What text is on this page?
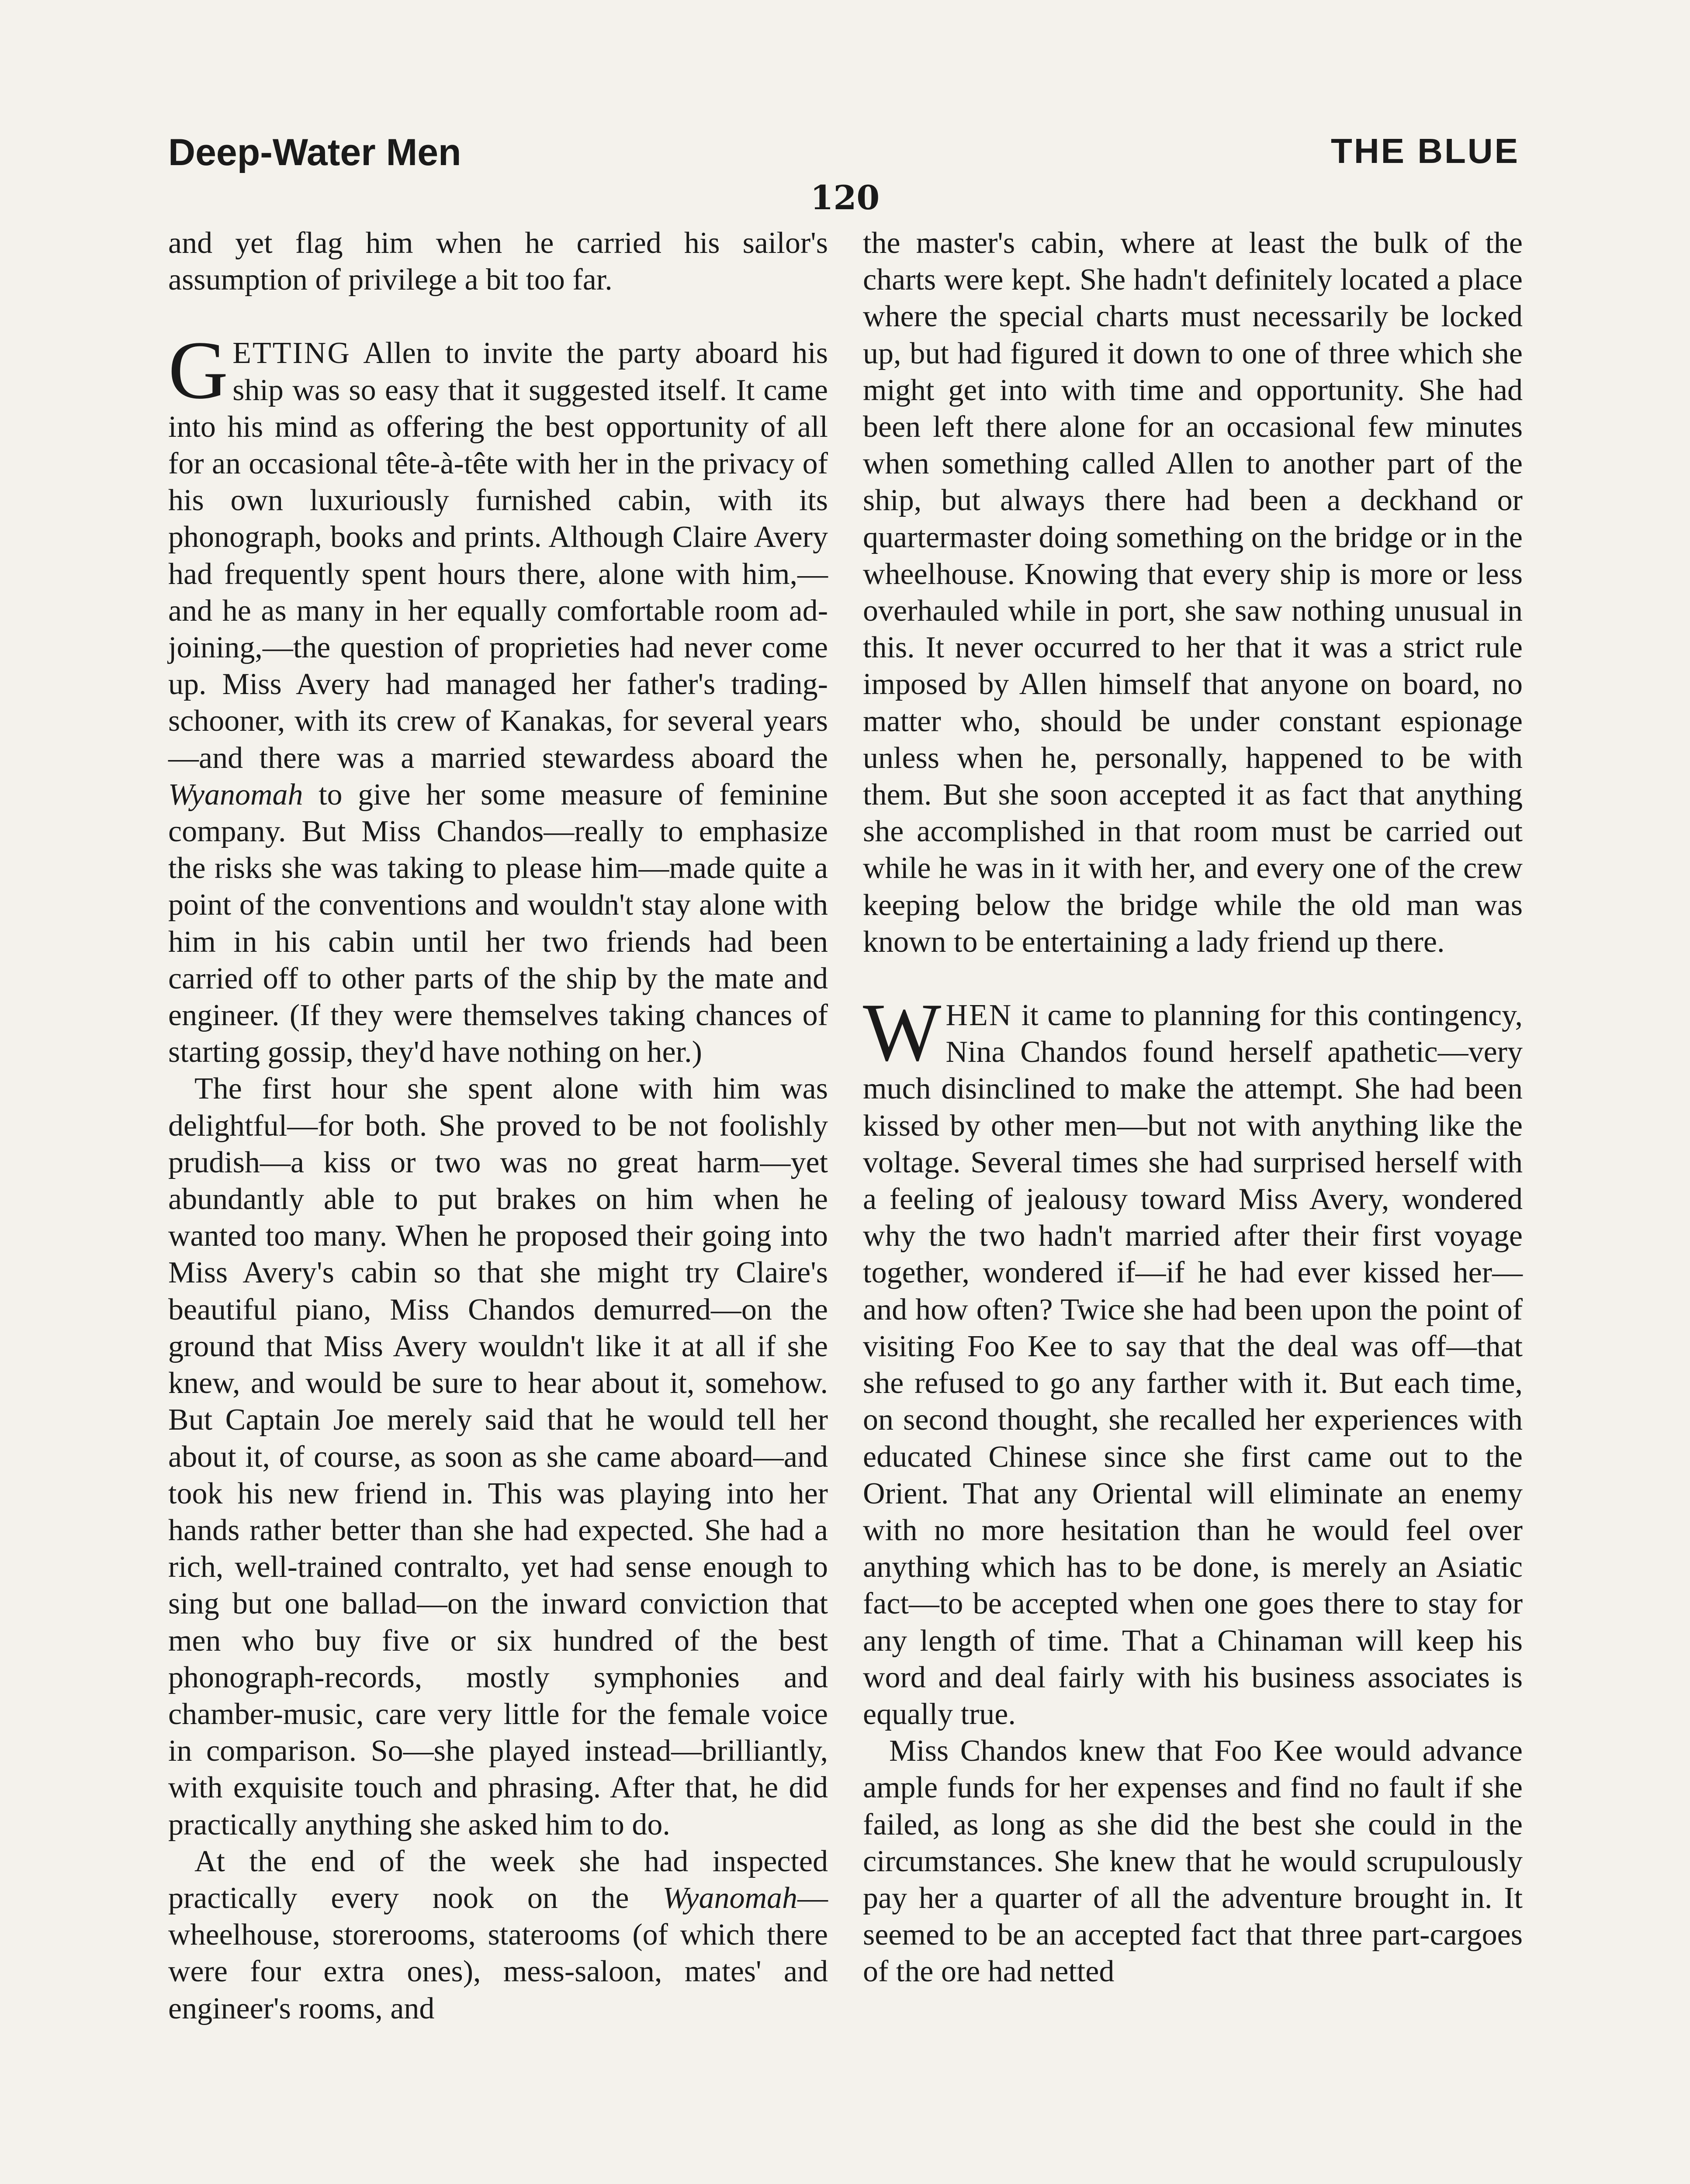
Deep-Water Men	THE BLUE
120

and yet flag him when he carried his sailor's assumption of privilege a bit too far.

GETTING Allen to invite the party aboard his ship was so easy that it suggested itself. It came into his mind as offering the best opportunity of all for an occasional tête-à-tête with her in the privacy of his own luxuriously furnished cabin, with its phonograph, books and prints. Although Claire Avery had frequently spent hours there, alone with him,—and he as many in her equally comfortable room adjoining,—the question of proprieties had never come up. Miss Avery had managed her father's trading-schooner, with its crew of Kanakas, for several years—and there was a married stewardess aboard the Wyanomah to give her some measure of feminine company. But Miss Chandos—really to emphasize the risks she was taking to please him—made quite a point of the conventions and wouldn't stay alone with him in his cabin until her two friends had been carried off to other parts of the ship by the mate and engineer. (If they were themselves taking chances of starting gossip, they'd have nothing on her.)

The first hour she spent alone with him was delightful—for both. She proved to be not foolishly prudish—a kiss or two was no great harm—yet abundantly able to put brakes on him when he wanted too many. When he proposed their going into Miss Avery's cabin so that she might try Claire's beautiful piano, Miss Chandos demurred—on the ground that Miss Avery wouldn't like it at all if she knew, and would be sure to hear about it, somehow. But Captain Joe merely said that he would tell her about it, of course, as soon as she came aboard—and took his new friend in. This was playing into her hands rather better than she had expected. She had a rich, well-trained contralto, yet had sense enough to sing but one ballad—on the inward conviction that men who buy five or six hundred of the best phonograph-records, mostly symphonies and chamber-music, care very little for the female voice in comparison. So—she played instead—brilliantly, with exquisite touch and phrasing. After that, he did practically anything she asked him to do.

At the end of the week she had inspected practically every nook on the Wyanomah—wheelhouse, storerooms, staterooms (of which there were four extra ones), mess-saloon, mates' and engineer's rooms, and

the master's cabin, where at least the bulk of the charts were kept. She hadn't definitely located a place where the special charts must necessarily be locked up, but had figured it down to one of three which she might get into with time and opportunity. She had been left there alone for an occasional few minutes when something called Allen to another part of the ship, but always there had been a deckhand or quartermaster doing something on the bridge or in the wheelhouse. Knowing that every ship is more or less overhauled while in port, she saw nothing unusual in this. It never occurred to her that it was a strict rule imposed by Allen himself that anyone on board, no matter who, should be under constant espionage unless when he, personally, happened to be with them. But she soon accepted it as fact that anything she accomplished in that room must be carried out while he was in it with her, and every one of the crew keeping below the bridge while the old man was known to be entertaining a lady friend up there.

WHEN it came to planning for this contingency, Nina Chandos found herself apathetic—very much disinclined to make the attempt. She had been kissed by other men—but not with anything like the voltage. Several times she had surprised herself with a feeling of jealousy toward Miss Avery, wondered why the two hadn't married after their first voyage together, wondered if—if he had ever kissed her—and how often? Twice she had been upon the point of visiting Foo Kee to say that the deal was off—that she refused to go any farther with it. But each time, on second thought, she recalled her experiences with educated Chinese since she first came out to the Orient. That any Oriental will eliminate an enemy with no more hesitation than he would feel over anything which has to be done, is merely an Asiatic fact—to be accepted when one goes there to stay for any length of time. That a Chinaman will keep his word and deal fairly with his business associates is equally true.

Miss Chandos knew that Foo Kee would advance ample funds for her expenses and find no fault if she failed, as long as she did the best she could in the circumstances. She knew that he would scrupulously pay her a quarter of all the adventure brought in. It seemed to be an accepted fact that three part-cargoes of the ore had netted
